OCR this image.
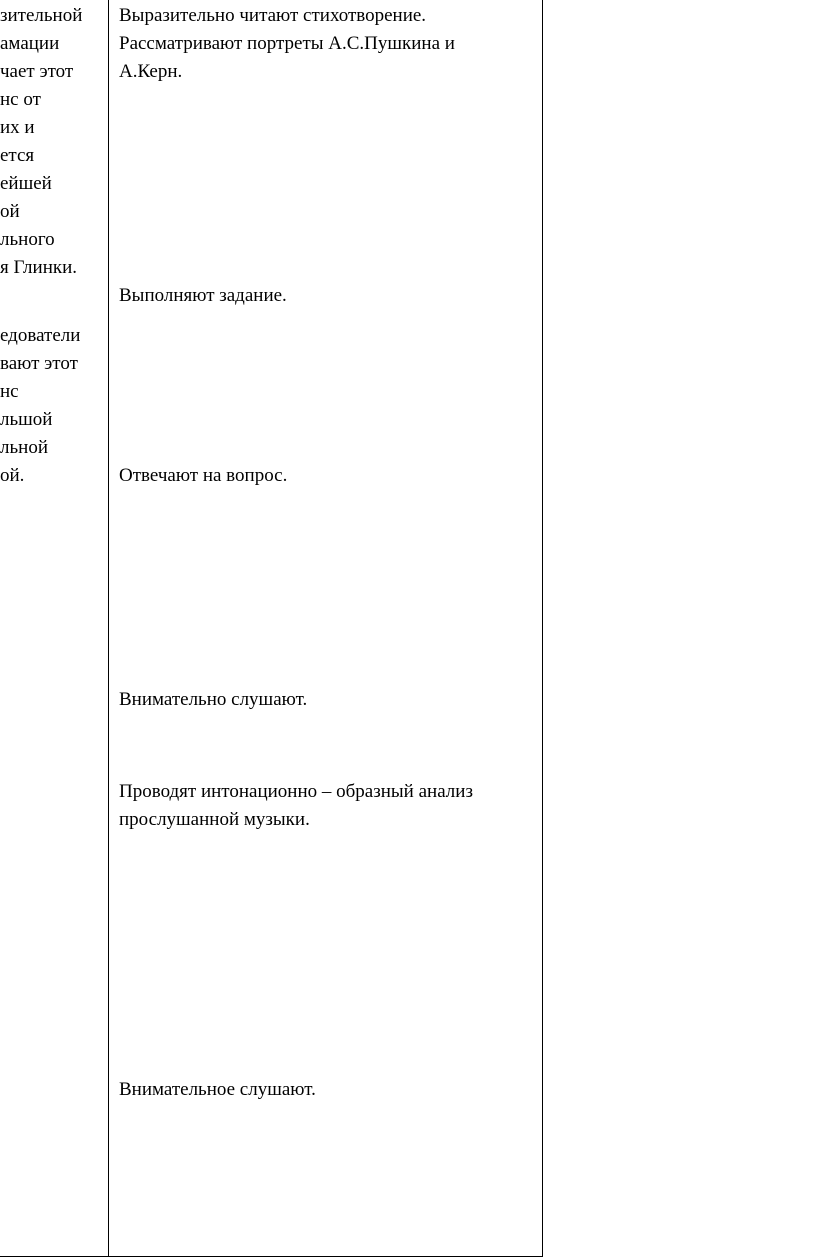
зительной
амации
чает этот
нс от
их и
ется
ейшей
ой
льного
я Глинки.
едователи
вают этот
нс
льшой
льной
ой.
Выразительно читают стихотворение.
Рассматривают портреты А.С.Пушкина и
А.Керн.
Выполняют задание.
Отвечают на вопрос.
Внимательно слушают.
Проводят интонационно – образный анализ
прослушанной музыки.
Внимательное слушают.
